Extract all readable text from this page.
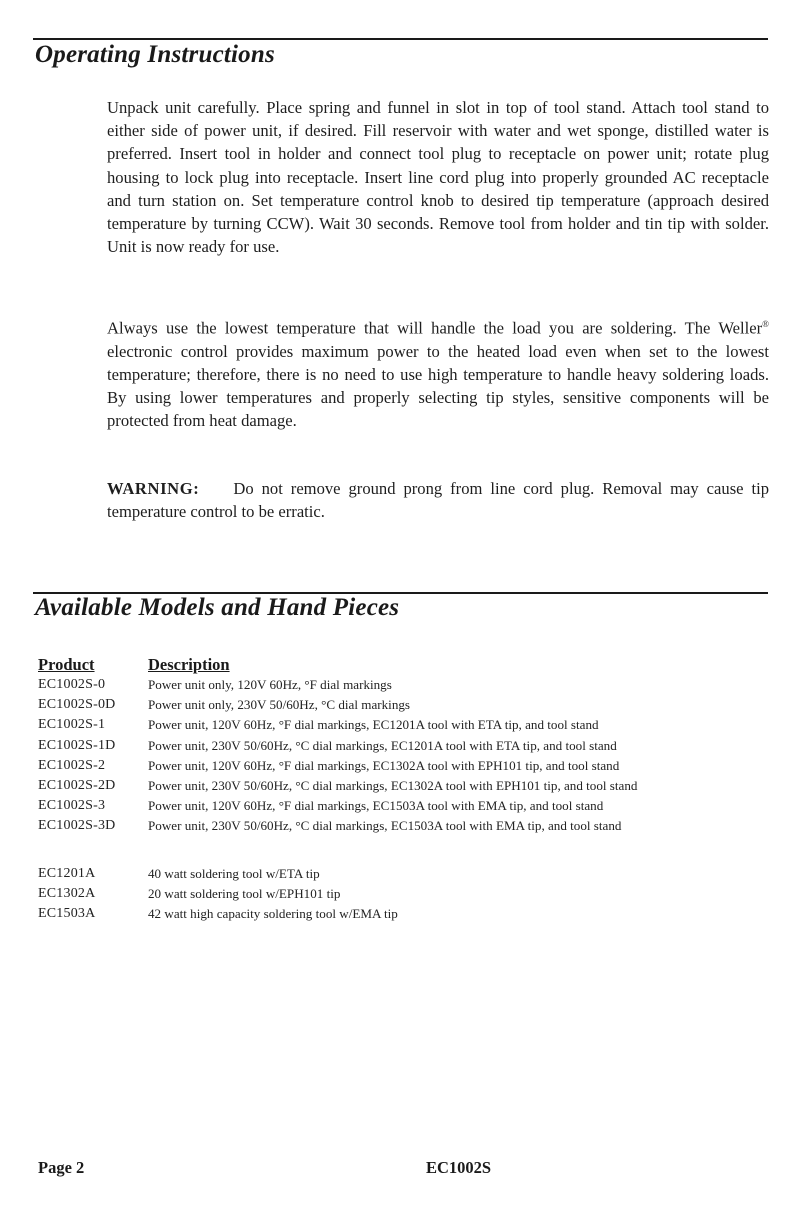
Operating Instructions

Unpack unit carefully. Place spring and funnel in slot in top of tool stand. Attach tool stand to either side of power unit, if desired. Fill reservoir with water and wet sponge, distilled water is preferred. Insert tool in holder and connect tool plug to receptacle on power unit; rotate plug housing to lock plug into receptacle. Insert line cord plug into properly grounded AC receptacle and turn station on. Set temperature control knob to desired tip temperature (approach desired temperature by turning CCW). Wait 30 seconds. Remove tool from holder and tin tip with solder. Unit is now ready for use.

Always use the lowest temperature that will handle the load you are soldering. The Weller® electronic control provides maximum power to the heated load even when set to the lowest temperature; therefore, there is no need to use high temperature to handle heavy soldering loads. By using lower temperatures and properly selecting tip styles, sensitive components will be protected from heat damage.

WARNING: Do not remove ground prong from line cord plug. Removal may cause tip temperature control to be erratic.

Available Models and Hand Pieces
Product	Description
EC1002S-0	Power unit only, 120V 60Hz, °F dial markings
EC1002S-0D Power unit only, 230V 50/60Hz, °C dial markings
EC1002S-1	Power unit, 120V 60Hz, °F dial markings, EC1201A tool with ETA tip, and tool stand
EC1002S-1D Power unit, 230V 50/60Hz, °C dial markings, EC1201A tool with ETA tip, and tool stand
EC1002S-2	Power unit, 120V 60Hz, °F dial markings, EC1302A tool with EPH101 tip, and tool stand
EC1002S-2D Power unit, 230V 50/60Hz, °C dial markings, EC1302A tool with EPH101 tip, and tool stand
EC1002S-3	Power unit, 120V 60Hz, °F dial markings, EC1503A tool with EMA tip, and tool stand
EC1002S-3D Power unit, 230V 50/60Hz, °C dial markings, EC1503A tool with EMA tip, and tool stand
EC1201A	40 watt soldering tool w/ETA tip
EC1302A	20 watt soldering tool w/EPH101 tip
EC1503A	42 watt high capacity soldering tool w/EMA tip
Page 2	EC1002S
